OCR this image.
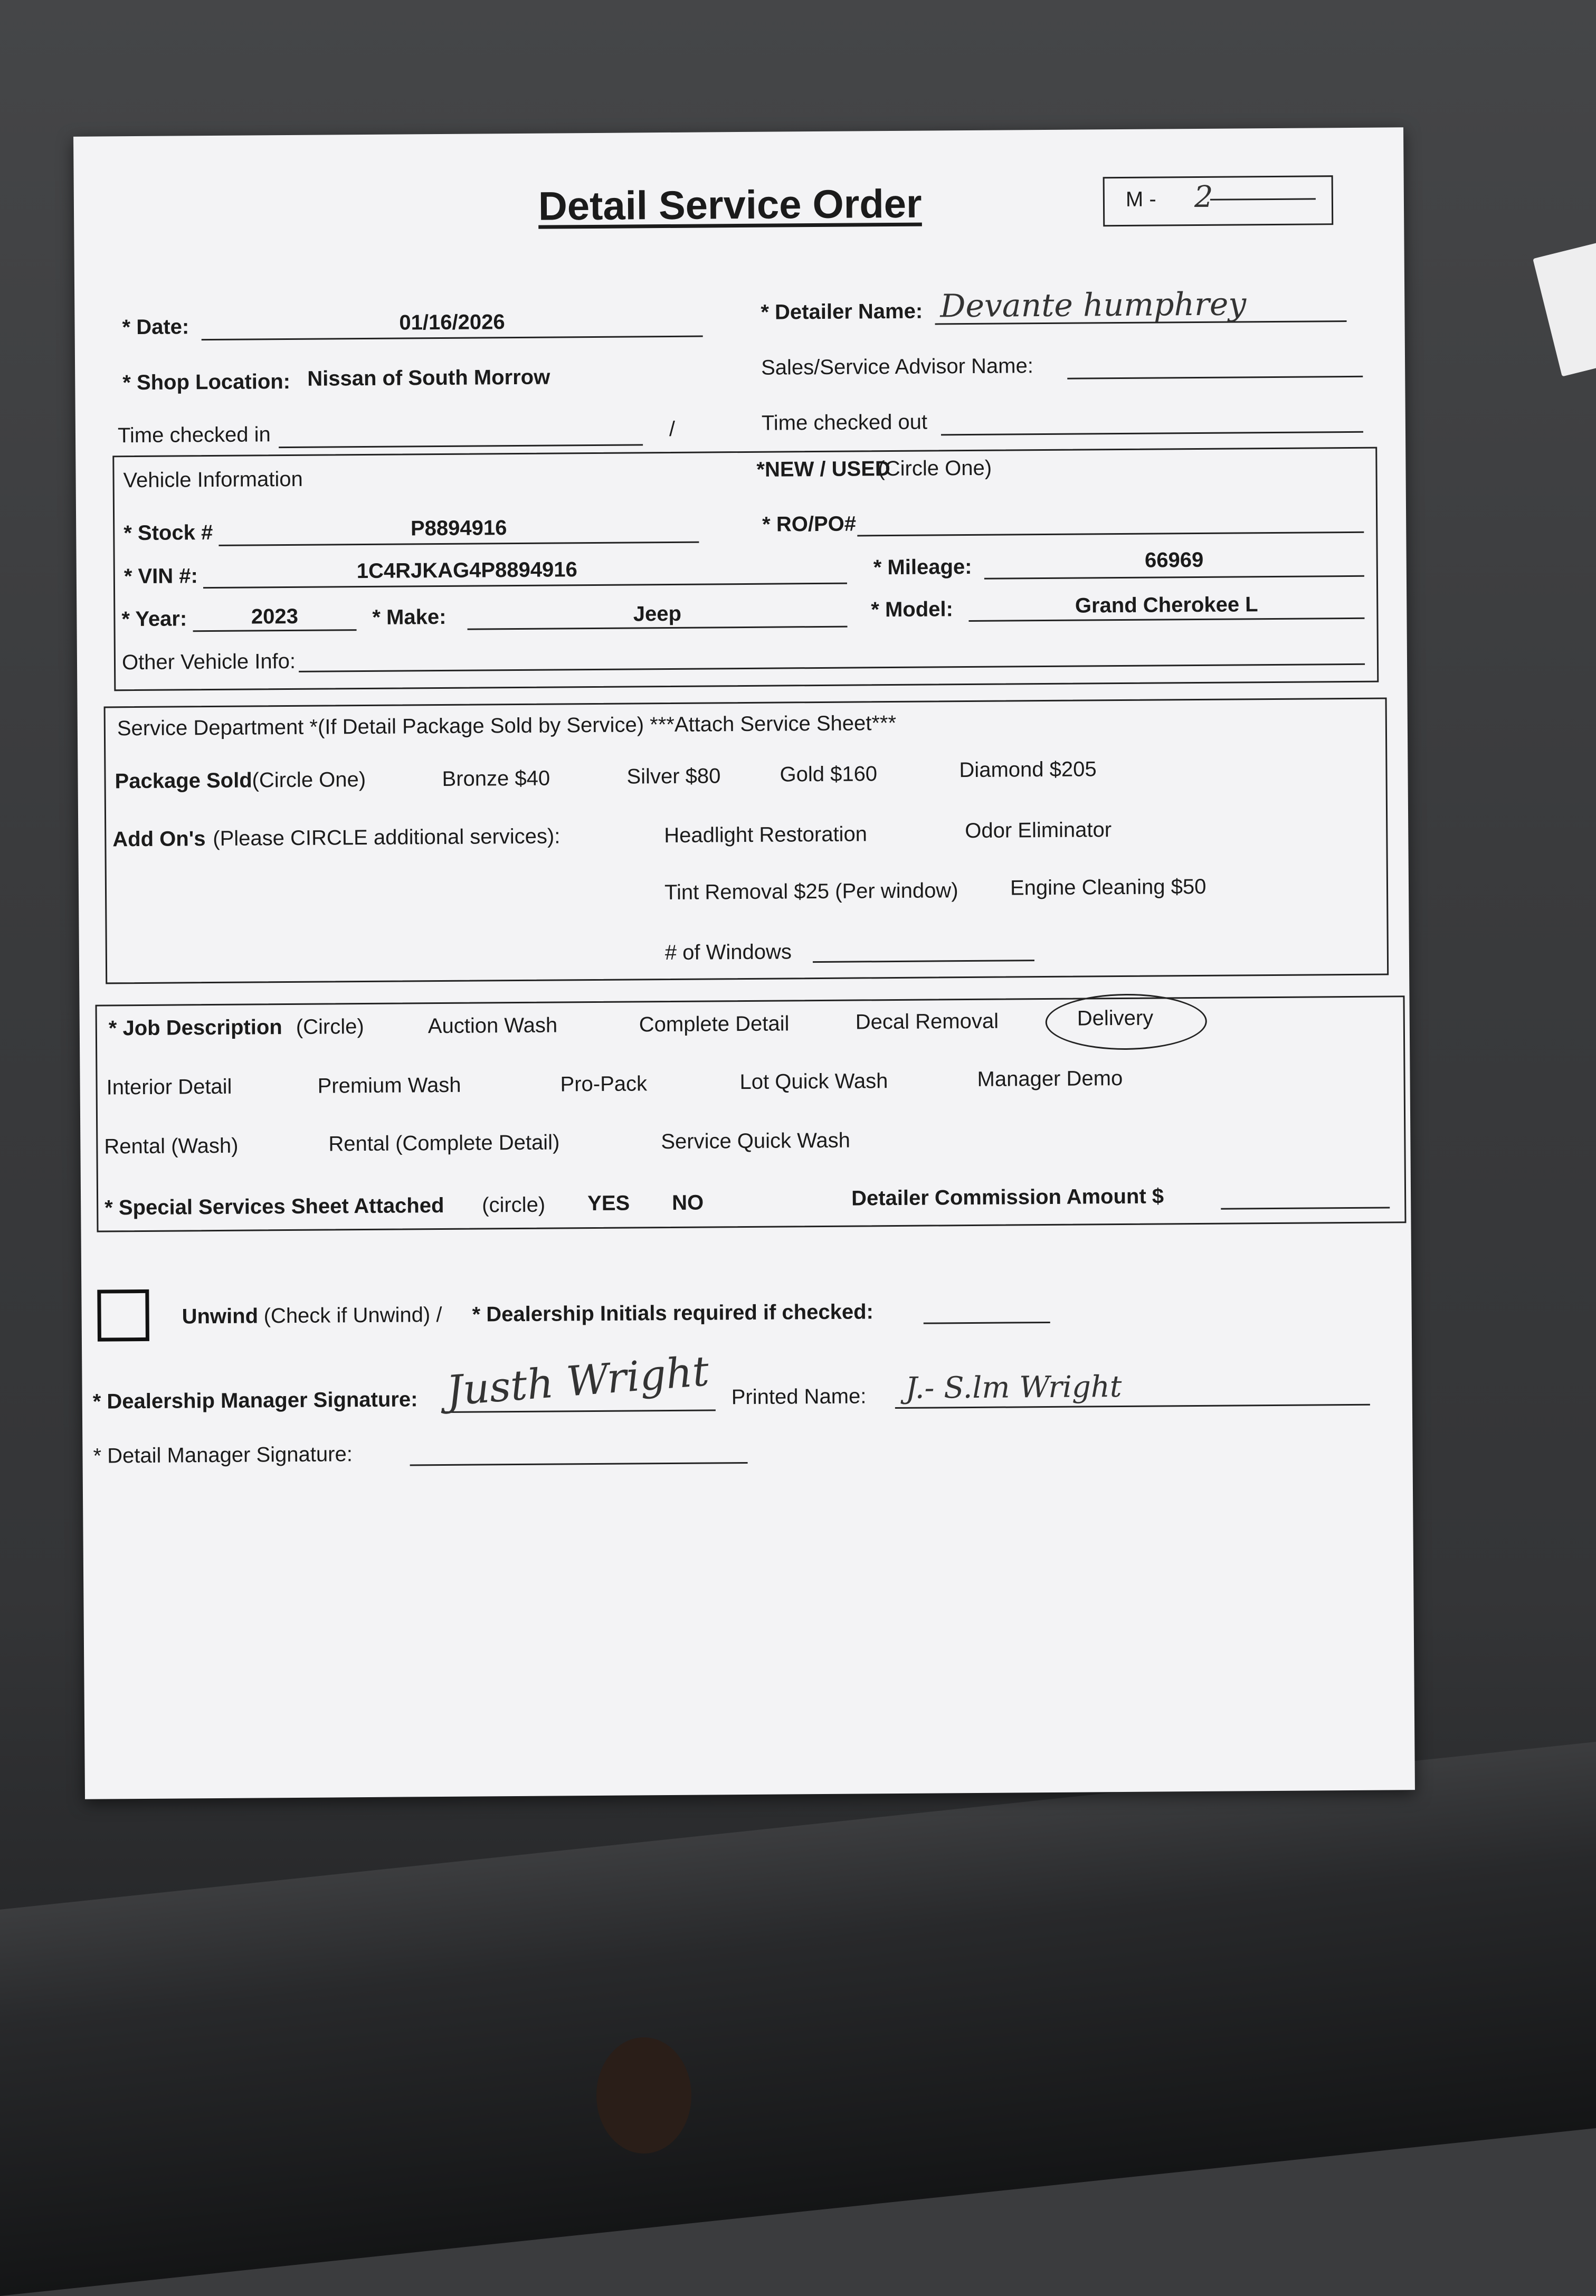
Detail Service Order	M - 2
* Date:	01/16/2026	* Detailer Name: Devante humphrey
* Shop Location: Nissan of South Morrow	Sales/Service Advisor Name:
Time checked in	/	Time checked out
Vehicle Information	*NEW / USED
(Circle One)
* Stock #	P8894916	* RO/PO#
* VIN #:	1C4RJKAG4P8894916	* Mileage:	66969
* Year:	2023	* Make:	Jeep	* Model:	Grand Cherokee L
Other Vehicle Info:
Service Department *(If Detail Package Sold by Service) ***Attach Service Sheet***
Package Sold (Circle One)	Bronze $40	Silver $80	Gold $160	Diamond $205
Add On's (Please CIRCLE additional services):	Headlight Restoration	Odor Eliminator
Tint Removal $25 (Per window) Engine Cleaning $50
# of Windows
* Job Description (Circle)	Auction Wash	Complete Detail	Decal Removal	Delivery
Interior Detail	Premium Wash	Pro-Pack	Lot Quick Wash	Manager Demo
Rental (Wash)	Rental (Complete Detail)	Service Quick Wash
* Special Services Sheet Attached (circle) YES NO	Detailer Commission Amount $
Unwind (Check if Unwind) / * Dealership Initials required if checked:
* Dealership Manager Signature: Justh Wright Printed Name: J.- S.lm Wright
* Detail Manager Signature:
